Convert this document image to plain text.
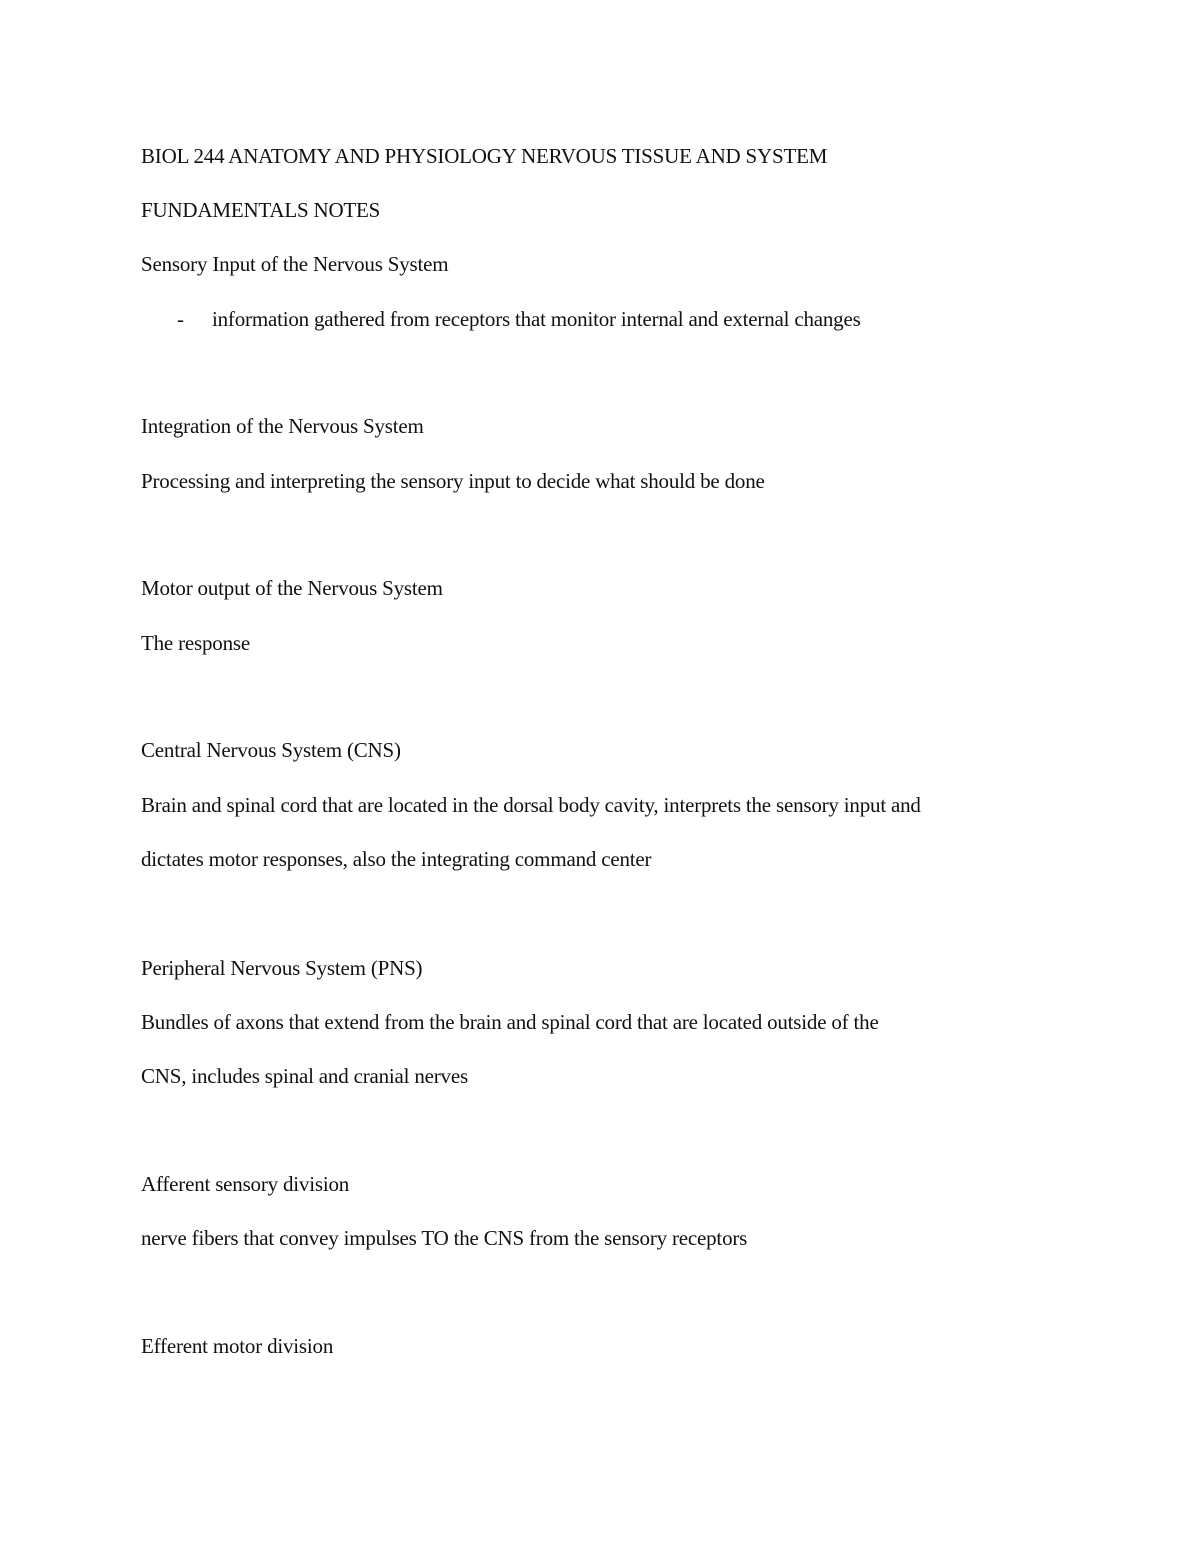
BIOL 244 ANATOMY AND PHYSIOLOGY NERVOUS TISSUE AND SYSTEM
FUNDAMENTALS NOTES
Sensory Input of the Nervous System
- information gathered from receptors that monitor internal and external changes
Integration of the Nervous System
Processing and interpreting the sensory input to decide what should be done
Motor output of the Nervous System
The response
Central Nervous System (CNS)
Brain and spinal cord that are located in the dorsal body cavity, interprets the sensory input and
dictates motor responses, also the integrating command center
Peripheral Nervous System (PNS)
Bundles of axons that extend from the brain and spinal cord that are located outside of the
CNS, includes spinal and cranial nerves
Afferent sensory division
nerve fibers that convey impulses TO the CNS from the sensory receptors
Efferent motor division
